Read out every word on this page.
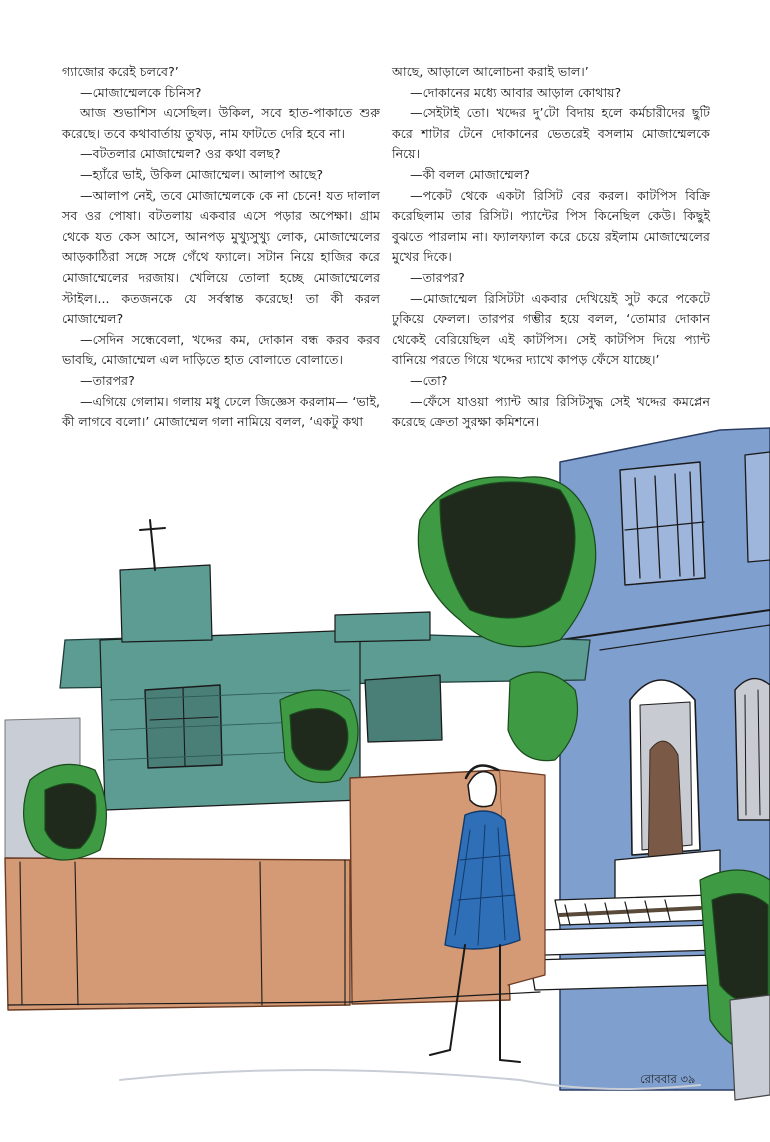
গ্যাজোর করেই চলবে?’

—মোজাম্মেলকে চিনিস?

আজ শুভাশিস এসেছিল। উকিল, সবে হাত-পাকাতে শুরু করেছে। তবে কথাবার্তায় তুখড়, নাম ফাটতে দেরি হবে না।

—বটতলার মোজাম্মেল? ওর কথা বলছ?

—হ্যাঁরে ভাই, উকিল মোজাম্মেল। আলাপ আছে?

—আলাপ নেই, তবে মোজাম্মেলকে কে না চেনে! যত দালাল সব ওর পোষা। বটতলায় একবার এসে পড়ার অপেক্ষা। গ্রাম থেকে যত কেস আসে, আনপড় মুখ্যুসুখ্যু লোক, মোজাম্মেলের আড়কাঠিরা সঙ্গে সঙ্গে গেঁথে ফ্যালে। সটান নিয়ে হাজির করে মোজাম্মেলের দরজায়। খেলিয়ে তোলা হচ্ছে মোজাম্মেলের স্টাইল।... কতজনকে যে সর্বস্বান্ত করেছে! তা কী করল মোজাম্মেল?

—সেদিন সন্ধেবেলা, খদ্দের কম, দোকান বন্ধ করব করব ভাবছি, মোজাম্মেল এল দাড়িতে হাত বোলাতে বোলাতে।

—তারপর?

—এগিয়ে গেলাম। গলায় মধু ঢেলে জিজ্ঞেস করলাম— ‘ভাই, কী লাগবে বলো।’ মোজাম্মেল গলা নামিয়ে বলল, ‘একটু কথা

আছে, আড়ালে আলোচনা করাই ভাল।’

—দোকানের মধ্যে আবার আড়াল কোথায়?

—সেইটাই তো। খদ্দের দু’টো বিদায় হলে কর্মচারীদের ছুটি করে শাটার টেনে দোকানের ভেতরেই বসলাম মোজাম্মেলকে নিয়ে।

—কী বলল মোজাম্মেল?

—পকেট থেকে একটা রিসিট বের করল। কাটপিস বিক্রি করেছিলাম তার রিসিট। প্যান্টের পিস কিনেছিল কেউ। কিছুই বুঝতে পারলাম না। ফ্যালফ্যাল করে চেয়ে রইলাম মোজাম্মেলের মুখের দিকে।

—তারপর?

—মোজাম্মেল রিসিটটা একবার দেখিয়েই সুট করে পকেটে ঢুকিয়ে ফেলল। তারপর গম্ভীর হয়ে বলল, ‘তোমার দোকান থেকেই বেরিয়েছিল এই কাটপিস। সেই কাটপিস দিয়ে প্যান্ট বানিয়ে পরতে গিয়ে খদ্দের দ্যাখে কাপড় ফেঁসে যাচ্ছে।’

—তো?

—ফেঁসে যাওয়া প্যান্ট আর রিসিটসুদ্ধ সেই খদ্দের কমপ্লেন করেছে ক্রেতা সুরক্ষা কমিশনে।

রোববার ৩৯
